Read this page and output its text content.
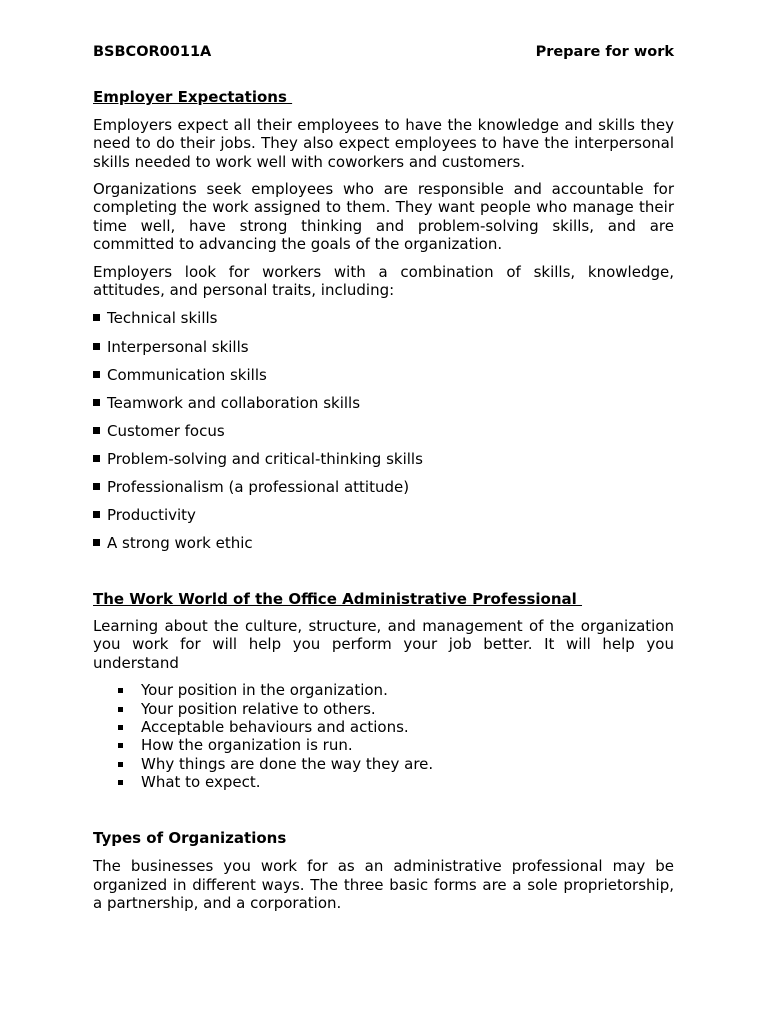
BSBCOR0011A	Prepare for work
Employer Expectations

Employers expect all their employees to have the knowledge and skills they need to do their jobs. They also expect employees to have the interpersonal skills needed to work well with coworkers and customers.

Organizations seek employees who are responsible and accountable for completing the work assigned to them. They want people who manage their time well, have strong thinking and problem-solving skills, and are committed to advancing the goals of the organization.

Employers look for workers with a combination of skills, knowledge, attitudes, and personal traits, including:

Technical skills
Interpersonal skills
Communication skills
Teamwork and collaboration skills
Customer focus
Problem-solving and critical-thinking skills
Professionalism (a professional attitude)
Productivity
A strong work ethic
The Work World of the Office Administrative Professional

Learning about the culture, structure, and management of the organization you work for will help you perform your job better. It will help you understand

Your position in the organization.
Your position relative to others.
Acceptable behaviours and actions.
How the organization is run.
Why things are done the way they are.
What to expect.
Types of Organizations

The businesses you work for as an administrative professional may be organized in different ways. The three basic forms are a sole proprietorship, a partnership, and a corporation.
